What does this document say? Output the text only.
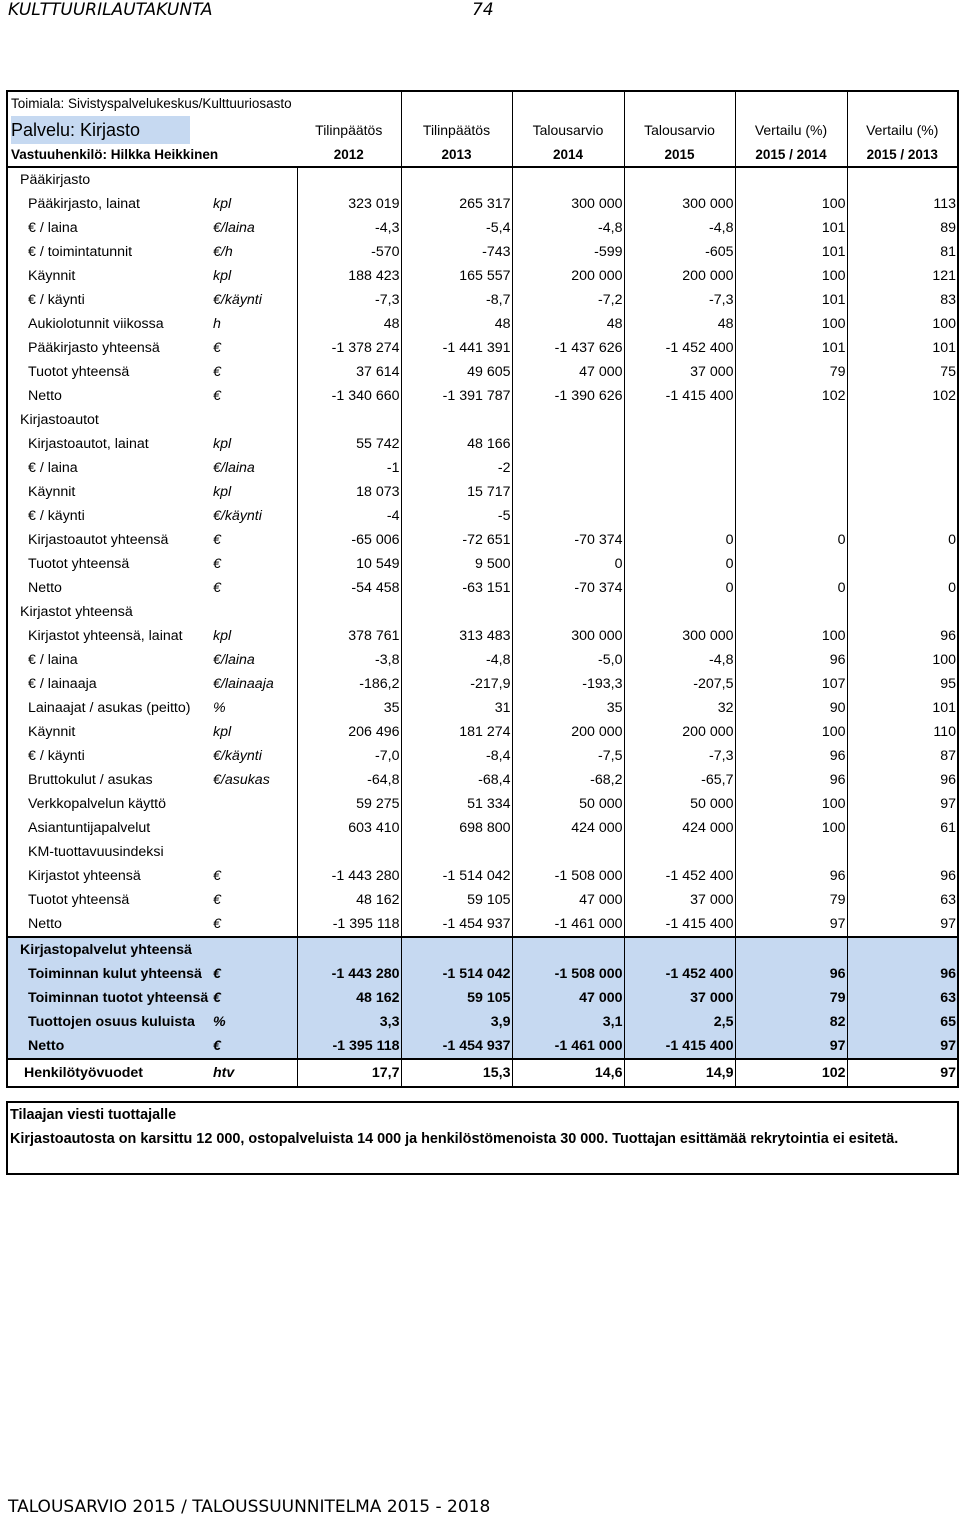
KULTTUURILAUTAKUNTA	74
Toimiala: Sivistyspalvelukeskus/Kulttuuriosasto							
Palvelu: Kirjasto		Tilinpäätös	Tilinpäätös	Talousarvio	Talousarvio	Vertailu (%)	Vertailu (%)
Vastuuhenkilö: Hilkka Heikkinen		2012	2013	2014	2015	2015 / 2014	2015 / 2013
Pääkirjasto							
Pääkirjasto, lainat	kpl	323 019	265 317	300 000	300 000	100	113
€ / laina	€/laina	-4,3	-5,4	-4,8	-4,8	101	89
€ / toimintatunnit	€/h	-570	-743	-599	-605	101	81
Käynnit	kpl	188 423	165 557	200 000	200 000	100	121
€ / käynti	€/käynti	-7,3	-8,7	-7,2	-7,3	101	83
Aukiolotunnit viikossa	h	48	48	48	48	100	100
Pääkirjasto yhteensä	€	-1 378 274	-1 441 391	-1 437 626	-1 452 400	101	101
Tuotot yhteensä	€	37 614	49 605	47 000	37 000	79	75
Netto	€	-1 340 660	-1 391 787	-1 390 626	-1 415 400	102	102
Kirjastoautot							
Kirjastoautot, lainat	kpl	55 742	48 166				
€ / laina	€/laina	-1	-2				
Käynnit	kpl	18 073	15 717				
€ / käynti	€/käynti	-4	-5				
Kirjastoautot yhteensä	€	-65 006	-72 651	-70 374	0	0	0
Tuotot yhteensä	€	10 549	9 500	0	0		
Netto	€	-54 458	-63 151	-70 374	0	0	0
Kirjastot yhteensä							
Kirjastot yhteensä, lainat	kpl	378 761	313 483	300 000	300 000	100	96
€ / laina	€/laina	-3,8	-4,8	-5,0	-4,8	96	100
€ / lainaaja	€/lainaaja	-186,2	-217,9	-193,3	-207,5	107	95
Lainaajat / asukas (peitto)	%	35	31	35	32	90	101
Käynnit	kpl	206 496	181 274	200 000	200 000	100	110
€ / käynti	€/käynti	-7,0	-8,4	-7,5	-7,3	96	87
Bruttokulut / asukas	€/asukas	-64,8	-68,4	-68,2	-65,7	96	96
Verkkopalvelun käyttö		59 275	51 334	50 000	50 000	100	97
Asiantuntijapalvelut		603 410	698 800	424 000	424 000	100	61
KM-tuottavuusindeksi							
Kirjastot yhteensä	€	-1 443 280	-1 514 042	-1 508 000	-1 452 400	96	96
Tuotot yhteensä	€	48 162	59 105	47 000	37 000	79	63
Netto	€	-1 395 118	-1 454 937	-1 461 000	-1 415 400	97	97
Kirjastopalvelut yhteensä							
Toiminnan kulut yhteensä	€	-1 443 280	-1 514 042	-1 508 000	-1 452 400	96	96
Toiminnan tuotot yhteensä	€	48 162	59 105	47 000	37 000	79	63
Tuottojen osuus kuluista	%	3,3	3,9	3,1	2,5	82	65
Netto	€	-1 395 118	-1 454 937	-1 461 000	-1 415 400	97	97
Henkilötyövuodet	htv	17,7	15,3	14,6	14,9	102	97
Tilaajan viesti tuottajalle
Kirjastoautosta on karsittu 12 000, ostopalveluista 14 000 ja henkilöstömenoista 30 000. Tuottajan esittämää rekrytointia ei esitetä.
TALOUSARVIO 2015 / TALOUSSUUNNITELMA 2015 - 2018
